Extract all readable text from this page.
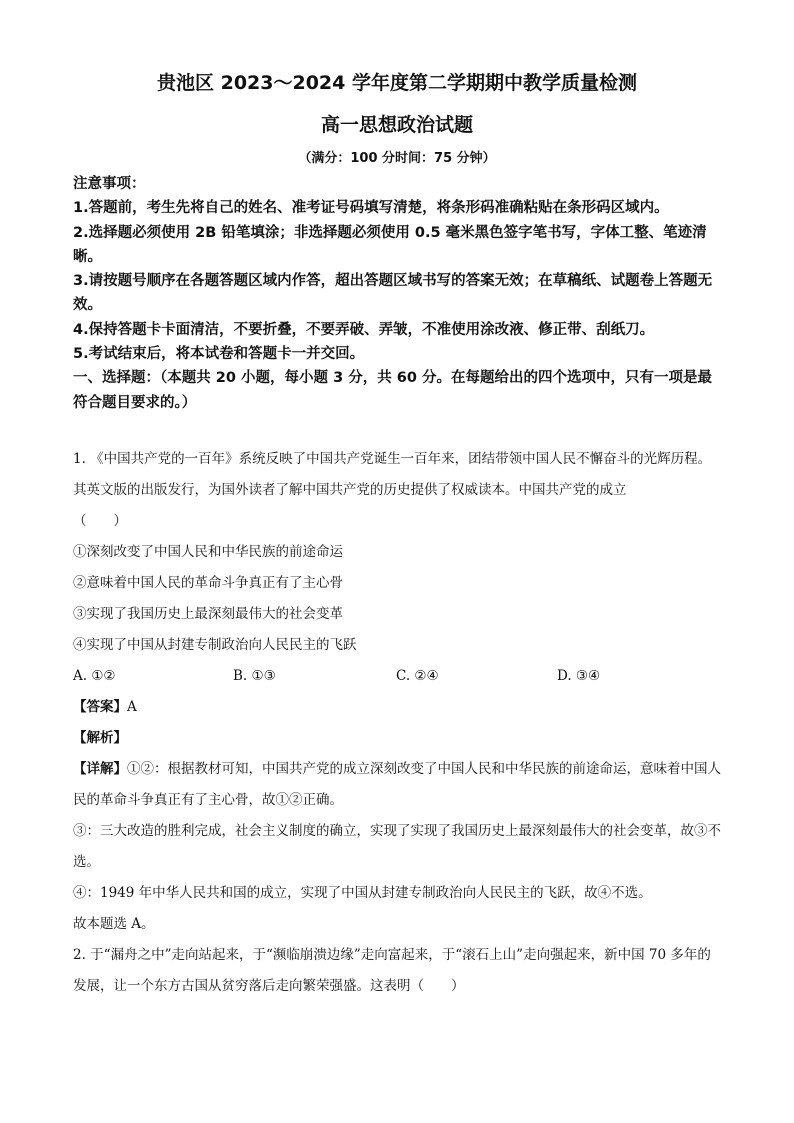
贵池区 2023～2024 学年度第二学期期中教学质量检测
高一思想政治试题
（满分：100 分时间：75 分钟）

注意事项：

1.答题前，考生先将自己的姓名、准考证号码填写清楚，将条形码准确粘贴在条形码区域内。

2.选择题必须使用 2B 铅笔填涂；非选择题必须使用 0.5 毫米黑色签字笔书写，字体工整、笔迹清晰。

3.请按题号顺序在各题答题区域内作答，超出答题区域书写的答案无效；在草稿纸、试题卷上答题无效。

4.保持答题卡卡面清洁，不要折叠，不要弄破、弄皱，不准使用涂改液、修正带、刮纸刀。

5.考试结束后，将本试卷和答题卡一并交回。

一、选择题：（本题共 20 小题，每小题 3 分，共 60 分。在每题给出的四个选项中，只有一项是最符合题目要求的。）

1. 《中国共产党的一百年》系统反映了中国共产党诞生一百年来，团结带领中国人民不懈奋斗的光辉历程。其英文版的出版发行，为国外读者了解中国共产党的历史提供了权威读本。中国共产党的成立

（　　）

①深刻改变了中国人民和中华民族的前途命运

②意味着中国人民的革命斗争真正有了主心骨

③实现了我国历史上最深刻最伟大的社会变革

④实现了中国从封建专制政治向人民民主的飞跃

A. ①②	B. ①③	C. ②④	D. ③④

【答案】A

【解析】

【详解】①②：根据教材可知，中国共产党的成立深刻改变了中国人民和中华民族的前途命运，意味着中国人民的革命斗争真正有了主心骨，故①②正确。

③：三大改造的胜利完成，社会主义制度的确立，实现了实现了我国历史上最深刻最伟大的社会变革，故③不选。

④：1949 年中华人民共和国的成立，实现了中国从封建专制政治向人民民主的飞跃，故④不选。

故本题选 A。

2. 于“漏舟之中”走向站起来，于“濒临崩溃边缘”走向富起来，于“滚石上山”走向强起来，新中国 70 多年的发展，让一个东方古国从贫穷落后走向繁荣强盛。这表明（　　）
